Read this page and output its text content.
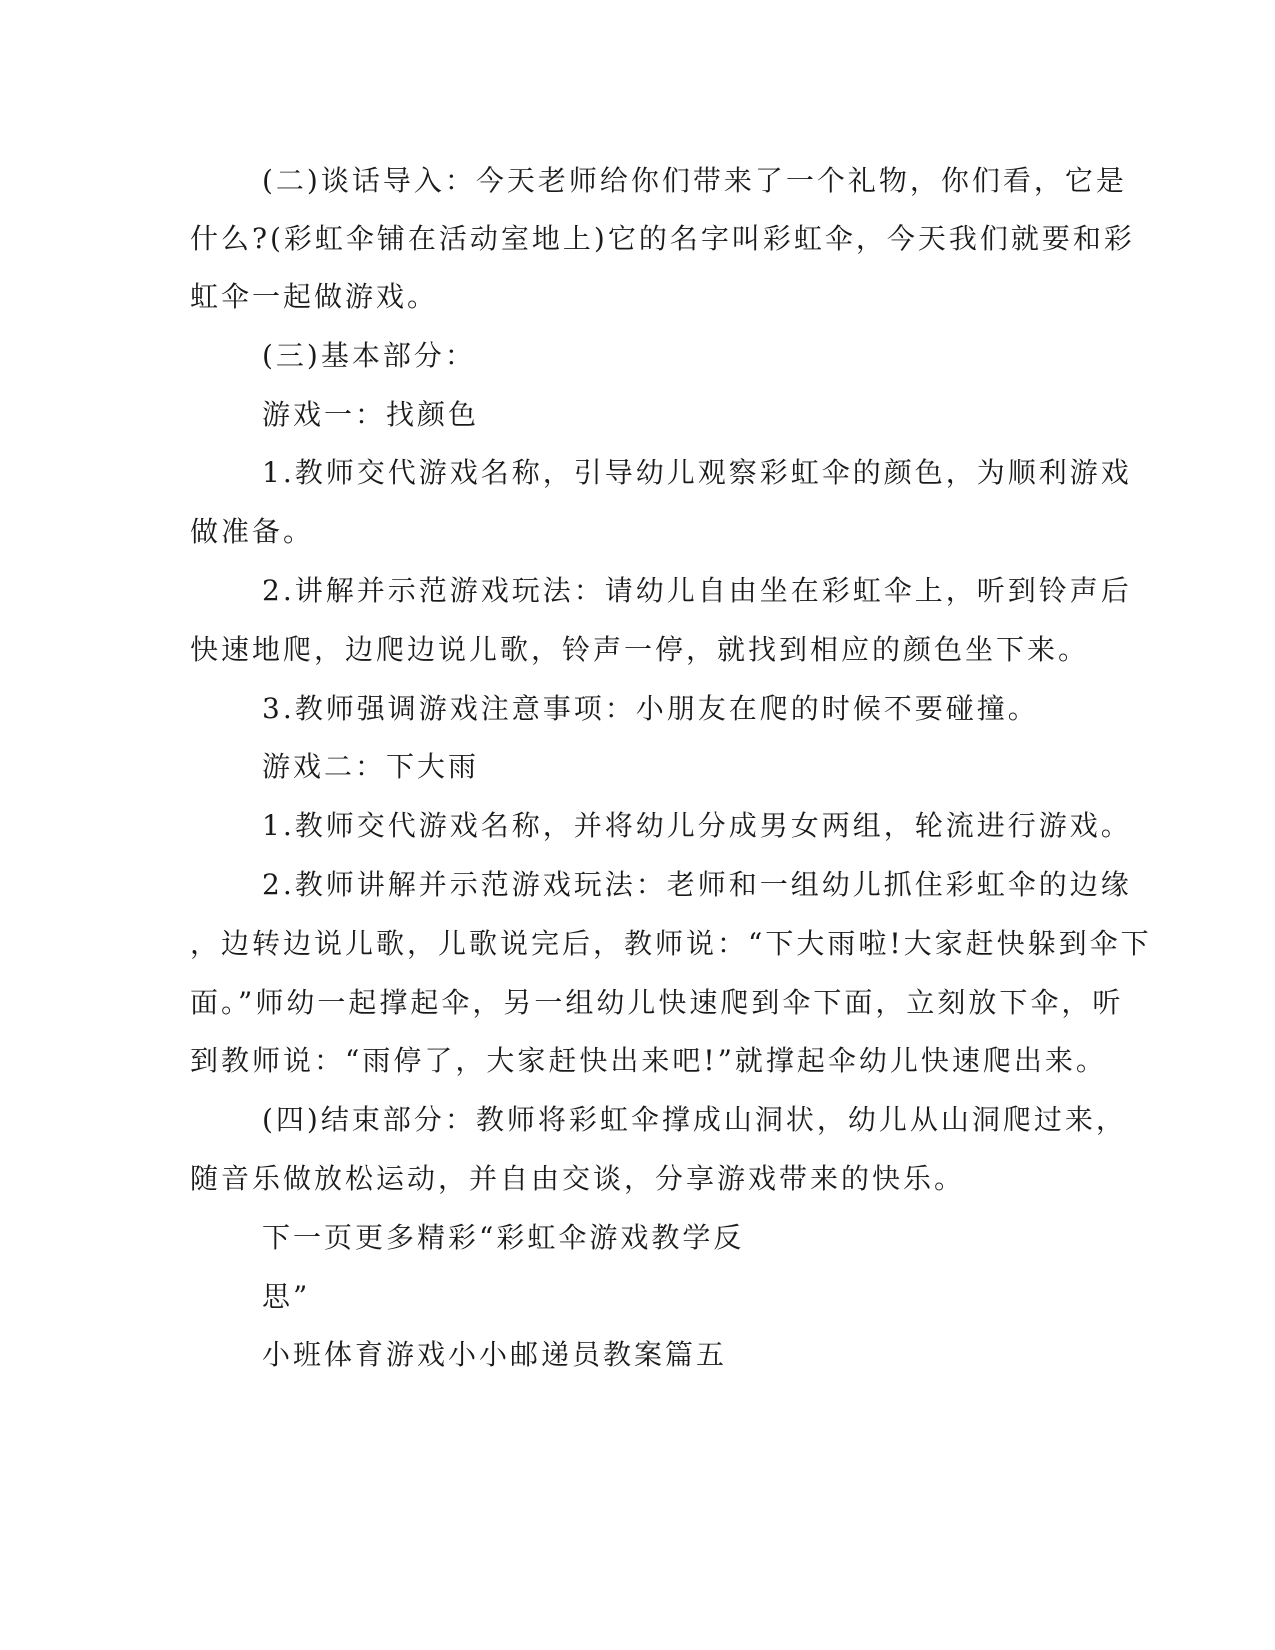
(二)谈话导入：今天老师给你们带来了一个礼物，你们看，它是

什么?(彩虹伞铺在活动室地上)它的名字叫彩虹伞，今天我们就要和彩

虹伞一起做游戏。

(三)基本部分：

游戏一：找颜色

1.教师交代游戏名称，引导幼儿观察彩虹伞的颜色，为顺利游戏

做准备。

2.讲解并示范游戏玩法：请幼儿自由坐在彩虹伞上，听到铃声后

快速地爬，边爬边说儿歌，铃声一停，就找到相应的颜色坐下来。

3.教师强调游戏注意事项：小朋友在爬的时候不要碰撞。

游戏二：下大雨

1.教师交代游戏名称，并将幼儿分成男女两组，轮流进行游戏。

2.教师讲解并示范游戏玩法：老师和一组幼儿抓住彩虹伞的边缘

，边转边说儿歌，儿歌说完后，教师说：“下大雨啦!大家赶快躲到伞下

面。”师幼一起撑起伞，另一组幼儿快速爬到伞下面，立刻放下伞，听

到教师说：“雨停了，大家赶快出来吧!”就撑起伞幼儿快速爬出来。

(四)结束部分：教师将彩虹伞撑成山洞状，幼儿从山洞爬过来，

随音乐做放松运动，并自由交谈，分享游戏带来的快乐。

下一页更多精彩“彩虹伞游戏教学反

思”

小班体育游戏小小邮递员教案篇五
